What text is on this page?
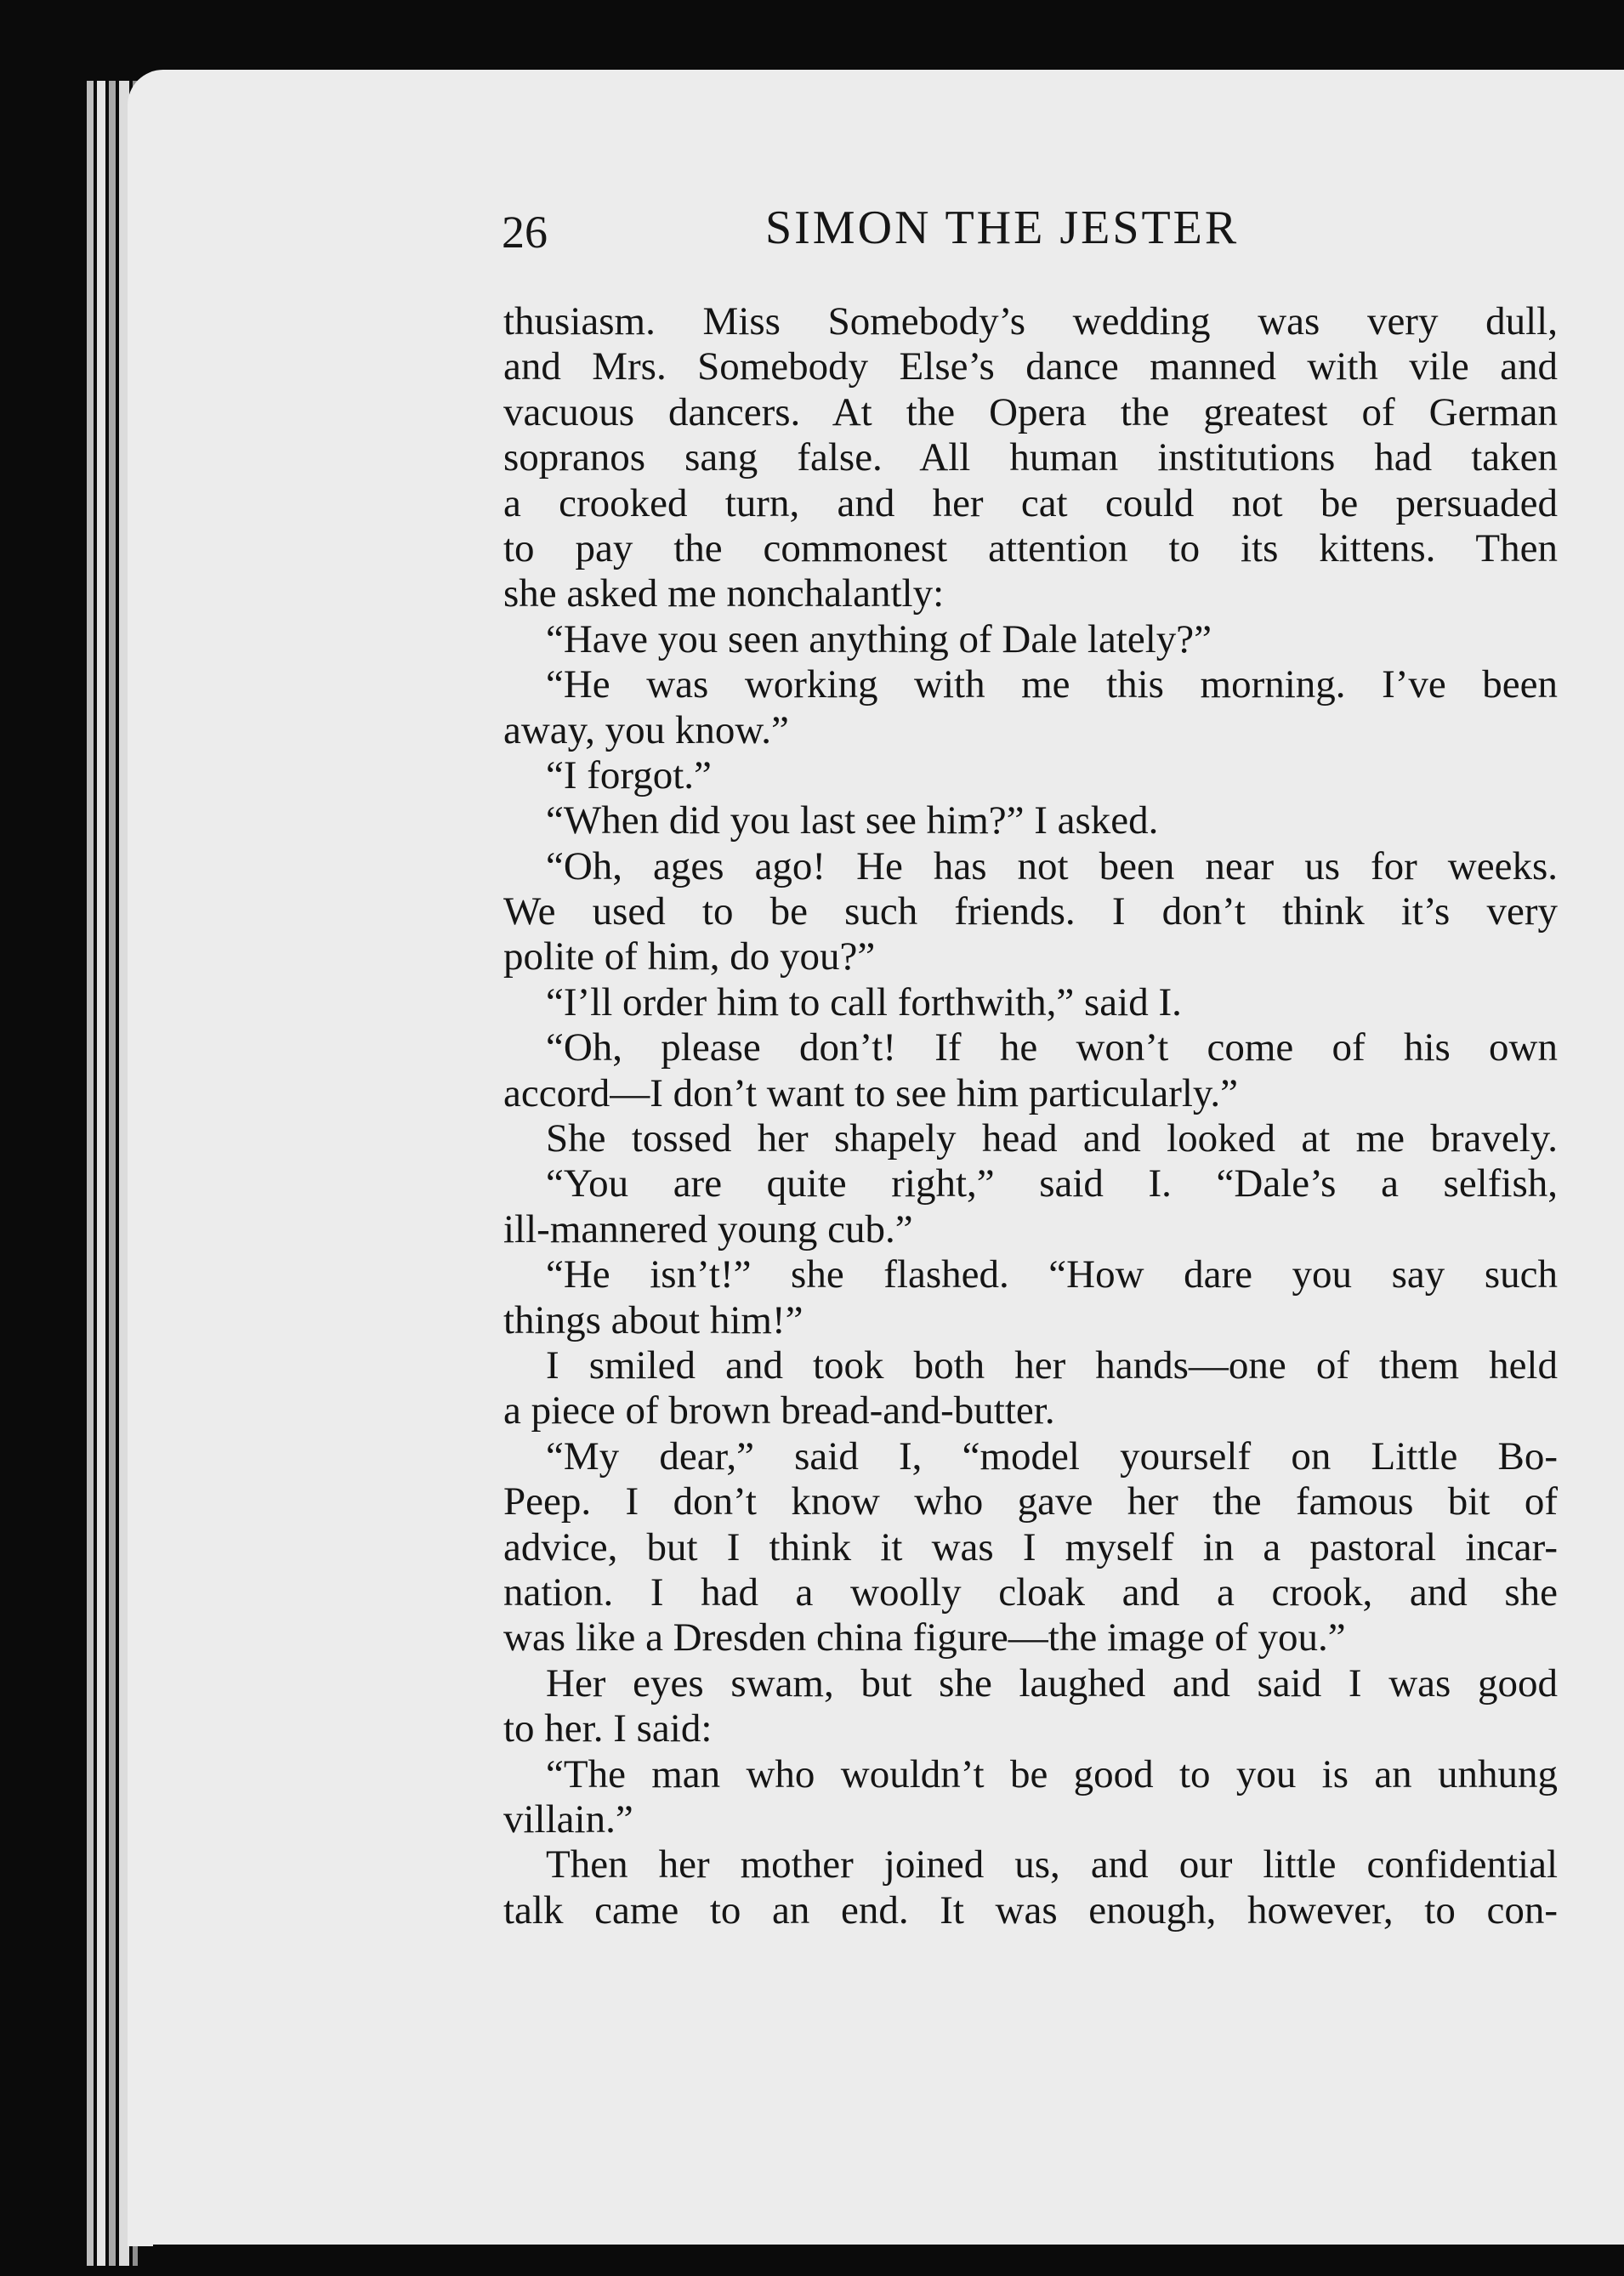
26	SIMON THE JESTER
thusiasm. Miss Somebody’s wedding was very dull,
and Mrs. Somebody Else’s dance manned with vile and
vacuous dancers. At the Opera the greatest of German
sopranos sang false. All human institutions had taken
a crooked turn, and her cat could not be persuaded
to pay the commonest attention to its kittens. Then
she asked me nonchalantly:
“Have you seen anything of Dale lately?”
“He was working with me this morning. I’ve been
away, you know.”
“I forgot.”
“When did you last see him?” I asked.
“Oh, ages ago! He has not been near us for weeks.
We used to be such friends. I don’t think it’s very
polite of him, do you?”
“I’ll order him to call forthwith,” said I.
“Oh, please don’t! If he won’t come of his own
accord—I don’t want to see him particularly.”
She tossed her shapely head and looked at me bravely.
“You are quite right,” said I. “Dale’s a selfish,
ill-mannered young cub.”
“He isn’t!” she flashed. “How dare you say such
things about him!”
I smiled and took both her hands—one of them held
a piece of brown bread-and-butter.
“My dear,” said I, “model yourself on Little Bo-
Peep. I don’t know who gave her the famous bit of
advice, but I think it was I myself in a pastoral incar-
nation. I had a woolly cloak and a crook, and she
was like a Dresden china figure—the image of you.”
Her eyes swam, but she laughed and said I was good
to her. I said:
“The man who wouldn’t be good to you is an unhung
villain.”
Then her mother joined us, and our little confidential
talk came to an end. It was enough, however, to con-
